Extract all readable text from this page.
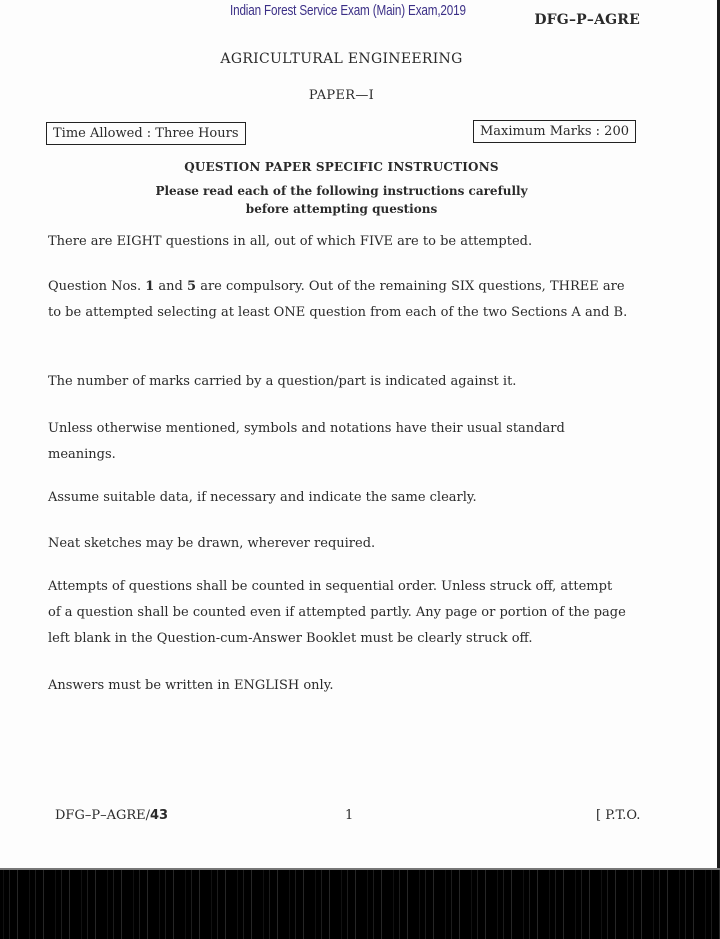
Indian Forest Service Exam (Main) Exam,2019
DFG–P–AGRE
AGRICULTURAL ENGINEERING
PAPER—I
Time Allowed : Three Hours	Maximum Marks : 200
QUESTION PAPER SPECIFIC INSTRUCTIONS
Please read each of the following instructions carefully
before attempting questions

There are EIGHT questions in all, out of which FIVE are to be attempted.

Question Nos. 1 and 5 are compulsory. Out of the remaining SIX questions, THREE are to be attempted selecting at least ONE question from each of the two Sections A and B.

The number of marks carried by a question/part is indicated against it.

Unless otherwise mentioned, symbols and notations have their usual standard meanings.

Assume suitable data, if necessary and indicate the same clearly.

Neat sketches may be drawn, wherever required.

Attempts of questions shall be counted in sequential order. Unless struck off, attempt of a question shall be counted even if attempted partly. Any page or portion of the page left blank in the Question-cum-Answer Booklet must be clearly struck off.

Answers must be written in ENGLISH only.

DFG–P–AGRE/43	1	[ P.T.O.
